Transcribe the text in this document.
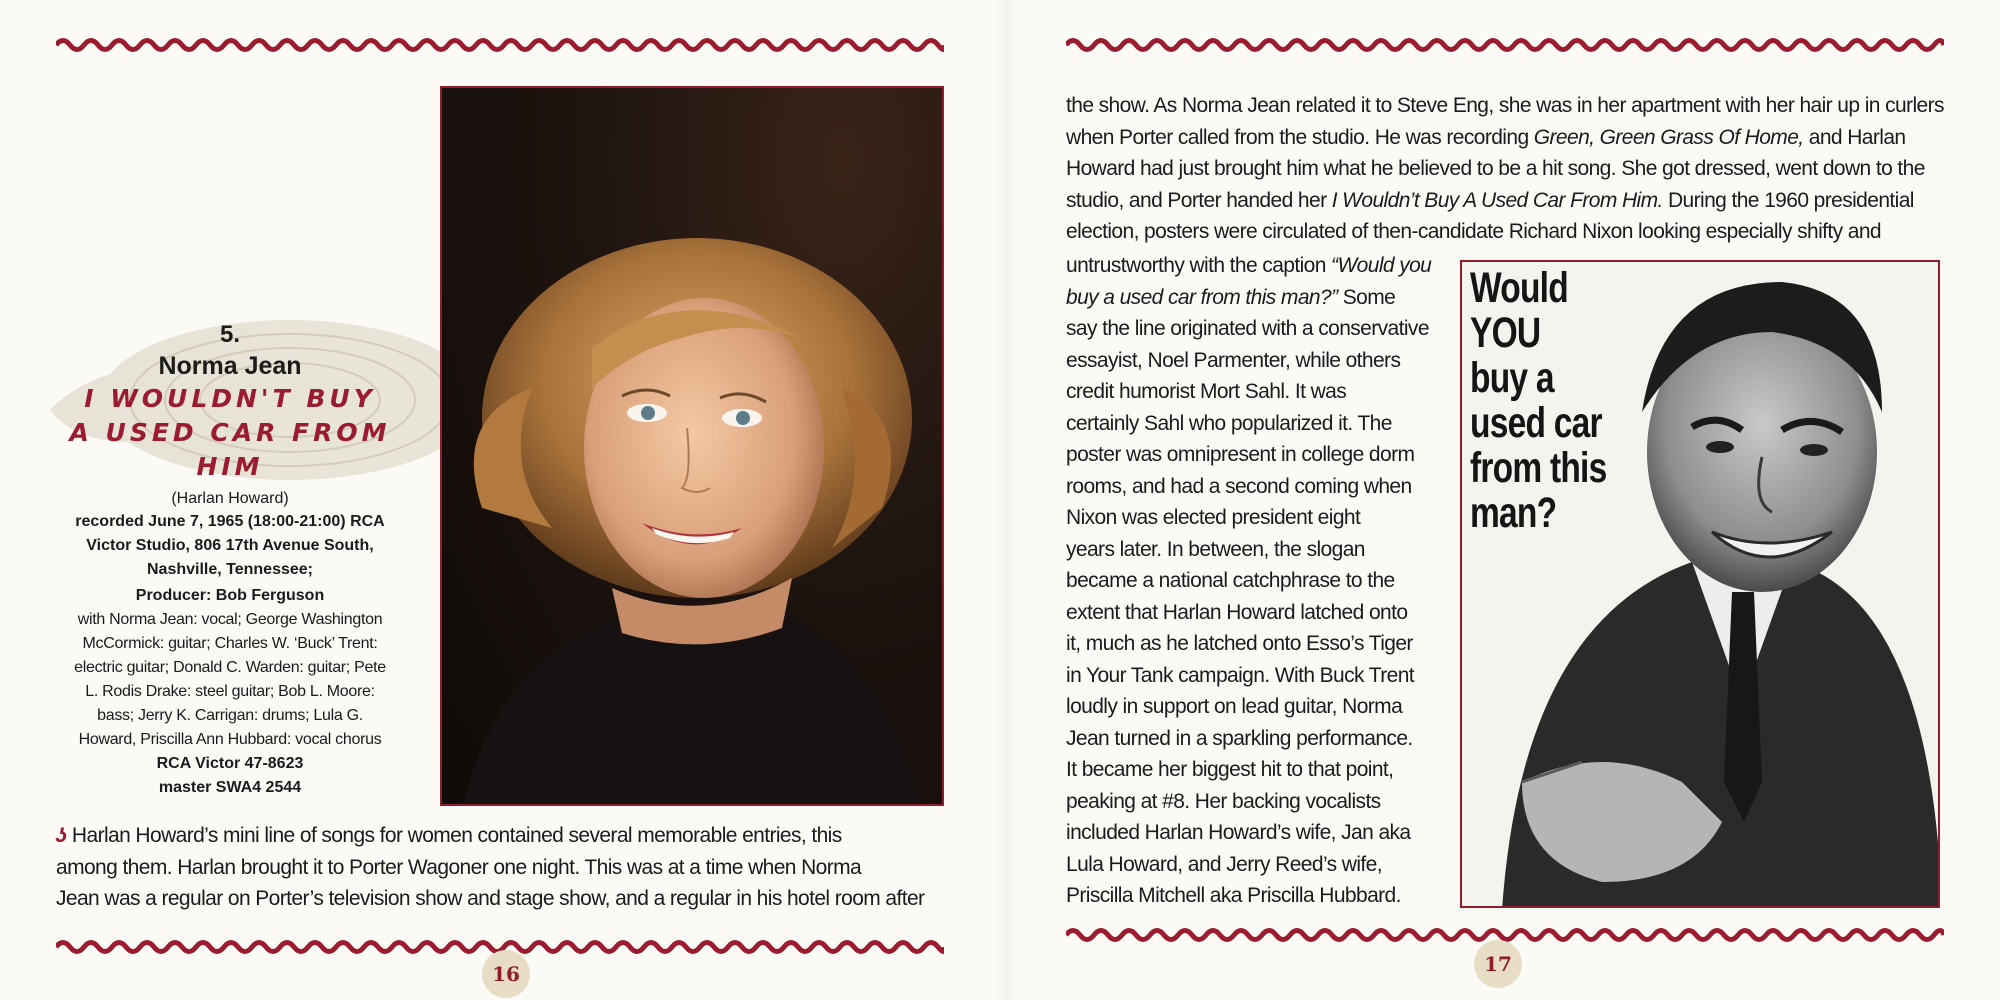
5.
Norma Jean
I WOULDN'T BUY
A USED CAR FROM HIM
(Harlan Howard)
recorded June 7, 1965 (18:00-21:00) RCA
Victor Studio, 806 17th Avenue South,
Nashville, Tennessee;
Producer: Bob Ferguson
with Norma Jean: vocal; George Washington
McCormick: guitar; Charles W. ‘Buck’ Trent:
electric guitar; Donald C. Warden: guitar; Pete
L. Rodis Drake: steel guitar; Bob L. Moore:
bass; Jerry K. Carrigan: drums; Lula G.
Howard, Priscilla Ann Hubbard: vocal chorus
RCA Victor 47-8623
master SWA4 2544
ʖ Harlan Howard’s mini line of songs for women contained several memorable entries, this
among them. Harlan brought it to Porter Wagoner one night. This was at a time when Norma
Jean was a regular on Porter’s television show and stage show, and a regular in his hotel room after
16
the show. As Norma Jean related it to Steve Eng, she was in her apartment with her hair up in curlers
when Porter called from the studio. He was recording Green, Green Grass Of Home, and Harlan
Howard had just brought him what he believed to be a hit song. She got dressed, went down to the
studio, and Porter handed her I Wouldn’t Buy A Used Car From Him. During the 1960 presidential
election, posters were circulated of then-candidate Richard Nixon looking especially shifty and
untrustworthy with the caption “Would you
buy a used car from this man?” Some
say the line originated with a conservative
essayist, Noel Parmenter, while others
credit humorist Mort Sahl. It was
certainly Sahl who popularized it. The
poster was omnipresent in college dorm
rooms, and had a second coming when
Nixon was elected president eight
years later. In between, the slogan
became a national catchphrase to the
extent that Harlan Howard latched onto
it, much as he latched onto Esso’s Tiger
in Your Tank campaign. With Buck Trent
loudly in support on lead guitar, Norma
Jean turned in a sparkling performance.
It became her biggest hit to that point,
peaking at #8. Her backing vocalists
included Harlan Howard’s wife, Jan aka
Lula Howard, and Jerry Reed’s wife,
Priscilla Mitchell aka Priscilla Hubbard.
Would
YOU
buy a
used car
from this
man?
17
